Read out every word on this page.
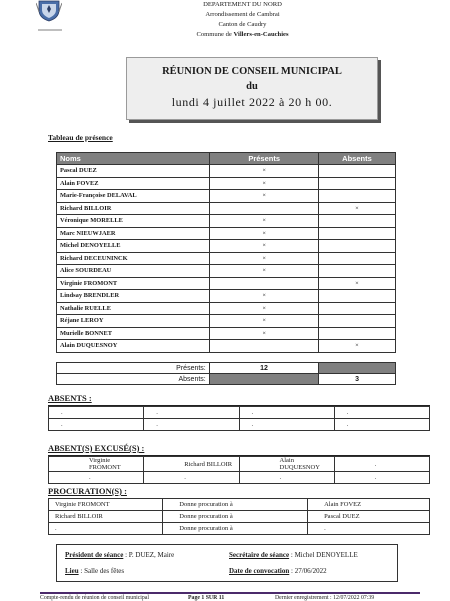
DEPARTEMENT DU NORD
Arrondissement de Cambrai
Canton de Caudry
Commune de Villers-en-Cauchies
RÉUNION DE CONSEIL MUNICIPAL
du
lundi 4 juillet 2022 à 20 h 00.
Tableau de présence
Noms	Présents	Absents
Pascal DUEZ	×	
Alain FOVEZ	×	
Marie-Françoise DELAVAL	×	
Richard BILLOIR		×
Véronique MORELLE	×	
Marc NIEUWJAER	×	
Michel DENOYELLE	×	
Richard DECEUNINCK	×	
Alice SOURDEAU	×	
Virginie FROMONT		×
Lindsay BRENDLER	×	
Nathalie RUELLE	×	
Réjane LEROY	×	
Murielle BONNET	×	
Alain DUQUESNOY		×
Présents:	12	
Absents:		3
ABSENTS :
.	.	.	.
.	.	.	.
ABSENT(S) EXCUSÉ(S) :
Virginie FROMONT	Richard BILLOIR	Alain DUQUESNOY	.
.	.	.	.
PROCURATION(S) :
Virginie FROMONT	Donne procuration à	Alain FOVEZ
Richard BILLOIR	Donne procuration à	Pascal DUEZ
.	Donne procuration à	.
Président de séance : P. DUEZ, Maire	Secrétaire de séance : Michel DENOYELLE
Lieu : Salle des fêtes	Date de convocation : 27/06/2022
Compte-rendu de réunion de conseil municipal	Page 1 SUR 11	Dernier enregistrement : 12/07/2022 07:39
